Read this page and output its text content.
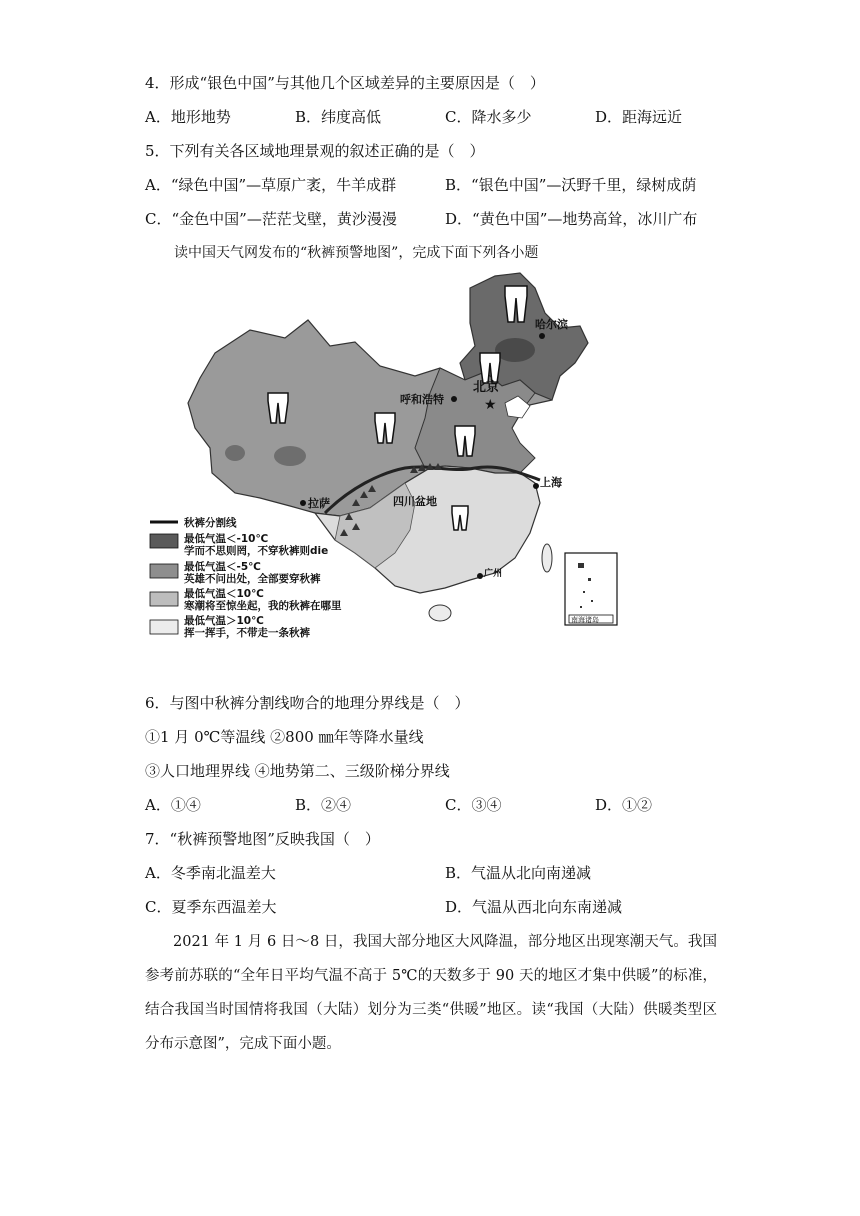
4．形成“银色中国”与其他几个区域差异的主要原因是（　）
A．地形地势	B．纬度高低	C．降水多少	D．距海远近
5．下列有关各区域地理景观的叙述正确的是（　）
A．“绿色中国”—草原广袤，牛羊成群	B．“银色中国”—沃野千里，绿树成荫
C．“金色中国”—茫茫戈壁，黄沙漫漫	D．“黄色中国”—地势高耸，冰川广布
读中国天气网发布的“秋裤预警地图”，完成下面下列各小题
哈尔滨
北京
★
呼和浩特
上海
拉萨	四川盆地
广州
南海诸岛
秋裤分割线
最低气温＜-10℃
学而不思则罔，不穿秋裤则die
最低气温＜-5℃
英雄不问出处，全部要穿秋裤
最低气温＜10℃
寒潮将至惊坐起，我的秋裤在哪里
最低气温＞10℃
挥一挥手，不带走一条秋裤
6．与图中秋裤分割线吻合的地理分界线是（　）
①1 月 0℃等温线 ②800 ㎜年等降水量线
③人口地理界线 ④地势第二、三级阶梯分界线
A．①④	B．②④	C．③④	D．①②
7．“秋裤预警地图”反映我国（　）
A．冬季南北温差大	B．气温从北向南递减
C．夏季东西温差大	D．气温从西北向东南递减
2021 年 1 月 6 日～8 日，我国大部分地区大风降温，部分地区出现寒潮天气。我国参考前苏联的“全年日平均气温不高于 5℃的天数多于 90 天的地区才集中供暖”的标准，结合我国当时国情将我国（大陆）划分为三类“供暖”地区。读“我国（大陆）供暖类型区分布示意图”，完成下面小题。
